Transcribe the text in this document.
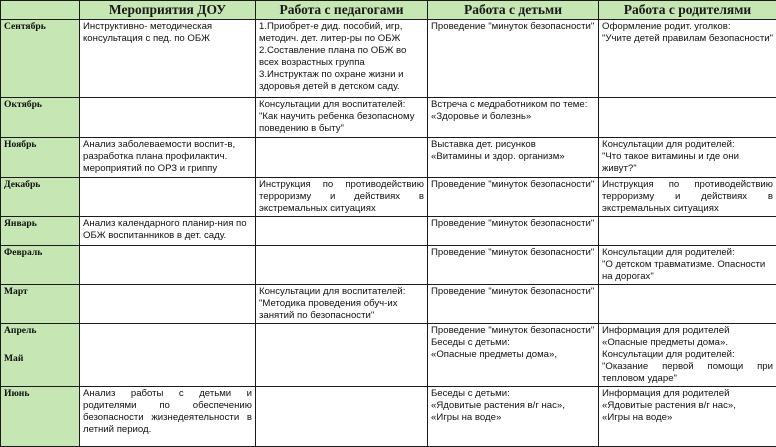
	Мероприятия ДОУ	Работа с педагогами	Работа с детьми	Работа с родителями
Сентябрь	Инструктивно- методическая консультация с пед. по ОБЖ	1.Приобрет-е дид. пособий, игр, методич. дет. литер-ры по ОБЖ
2.Составление плана по ОБЖ во всех возрастных группа
3.Инструктаж по охране жизни и здоровья детей в детском саду.	Проведение "минуток безопасности"	Оформление родит. уголков:
"Учите детей правилам безопасности"
Октябрь		Консультации для воспитателей:
"Как научить ребенка безопасному поведению в быту"	Встреча с медработником по теме: «Здоровье и болезнь»	
Ноябрь	Анализ заболеваемости воспит-в, разработка плана профилактич. мероприятий по ОРЗ и гриппу		Выставка дет. рисунков
«Витамины и здор. организм»	Консультации для родителей:
"Что такое витамины и где они живут?"
Декабрь		Инструкция по противодействию терроризму и действиях в экстремальных ситуациях	Проведение "минуток безопасности"	Инструкция по противодействию терроризму и действиях в экстремальных ситуациях
Январь	Анализ календарного планир-ния по ОБЖ воспитанников в дет. саду.		Проведение "минуток безопасности"	
Февраль			Проведение "минуток безопасности"	Консультации для родителей:
"О детском травматизме. Опасности на дорогах"
Март		Консультации для воспитателей:
"Методика проведения обуч-их занятий по безопасности"	Проведение "минуток безопасности"	
Апрель
Май			Проведение "минуток безопасности"
Беседы с детьми:
«Опасные предметы дома»,	Информация для родителей
«Опасные предметы дома».
Консультации для родителей:
"Оказание первой помощи при тепловом ударе"
Июнь	Анализ работы с детьми и родителями по обеспечению безопасности жизнедеятельности в летний период.		Беседы с детьми:
«Ядовитые растения в/г нас»,
«Игры на воде»	Информация для родителей
«Ядовитые растения в/г нас»,
«Игры на воде»
